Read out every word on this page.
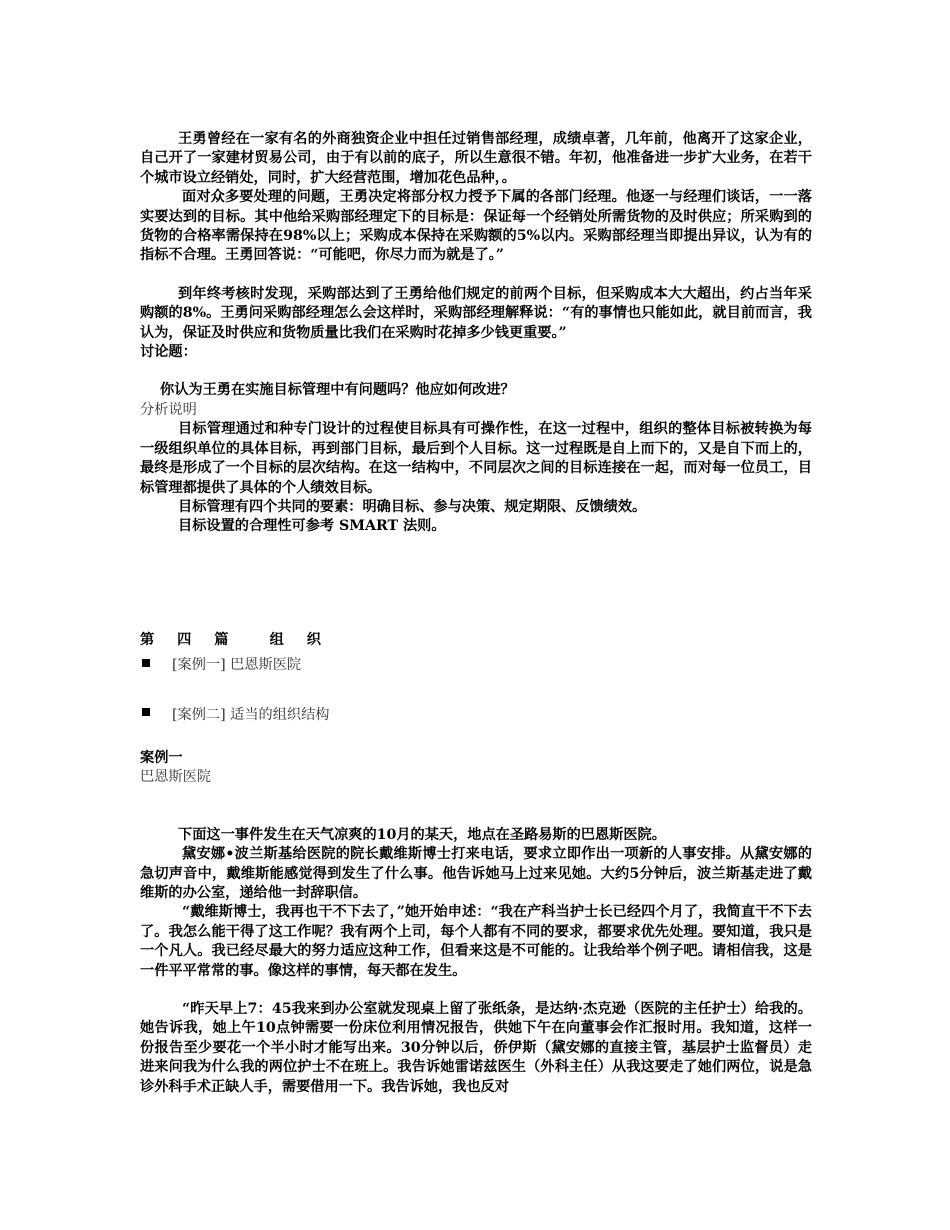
王勇曾经在一家有名的外商独资企业中担任过销售部经理，成绩卓著，几年前，他离开了这家企业，自己开了一家建材贸易公司，由于有以前的底子，所以生意很不错。年初，他准备进一步扩大业务，在若干个城市设立经销处，同时，扩大经营范围，增加花色品种，。

面对众多要处理的问题，王勇决定将部分权力授予下属的各部门经理。他逐一与经理们谈话，一一落实要达到的目标。其中他给采购部经理定下的目标是：保证每一个经销处所需货物的及时供应；所采购到的货物的合格率需保持在98%以上；采购成本保持在采购额的5%以内。采购部经理当即提出异议，认为有的指标不合理。王勇回答说：“可能吧，你尽力而为就是了。”

到年终考核时发现，采购部达到了王勇给他们规定的前两个目标，但采购成本大大超出，约占当年采购额的8%。王勇问采购部经理怎么会这样时，采购部经理解释说：“有的事情也只能如此，就目前而言，我认为，保证及时供应和货物质量比我们在采购时花掉多少钱更重要。”

讨论题：

你认为王勇在实施目标管理中有问题吗？他应如何改进？

分析说明

目标管理通过和种专门设计的过程使目标具有可操作性，在这一过程中，组织的整体目标被转换为每一级组织单位的具体目标，再到部门目标，最后到个人目标。这一过程既是自上而下的，又是自下而上的，最终是形成了一个目标的层次结构。在这一结构中，不同层次之间的目标连接在一起，而对每一位员工，目标管理都提供了具体的个人绩效目标。

目标管理有四个共同的要素：明确目标、参与决策、规定期限、反馈绩效。

目标设置的合理性可参考 SMART 法则。

第 四 篇　 组 织

[案例一] 巴恩斯医院
[案例二] 适当的组织结构

案例一

巴恩斯医院

下面这一事件发生在天气凉爽的10月的某天，地点在圣路易斯的巴恩斯医院。

黛安娜•波兰斯基给医院的院长戴维斯博士打来电话，要求立即作出一项新的人事安排。从黛安娜的急切声音中，戴维斯能感觉得到发生了什么事。他告诉她马上过来见她。大约5分钟后，波兰斯基走进了戴维斯的办公室，递给他一封辞职信。

“戴维斯博士，我再也干不下去了，”她开始申述：“我在产科当护士长已经四个月了，我简直干不下去了。我怎么能干得了这工作呢？我有两个上司，每个人都有不同的要求，都要求优先处理。要知道，我只是一个凡人。我已经尽最大的努力适应这种工作，但看来这是不可能的。让我给举个例子吧。请相信我，这是一件平平常常的事。像这样的事情，每天都在发生。

“昨天早上7：45我来到办公室就发现桌上留了张纸条，是达纳·杰克逊（医院的主任护士）给我的。她告诉我，她上午10点钟需要一份床位利用情况报告，供她下午在向董事会作汇报时用。我知道，这样一份报告至少要花一个半小时才能写出来。30分钟以后，侨伊斯（黛安娜的直接主管，基层护士监督员）走进来问我为什么我的两位护士不在班上。我告诉她雷诺兹医生（外科主任）从我这要走了她们两位，说是急诊外科手术正缺人手，需要借用一下。我告诉她，我也反对
